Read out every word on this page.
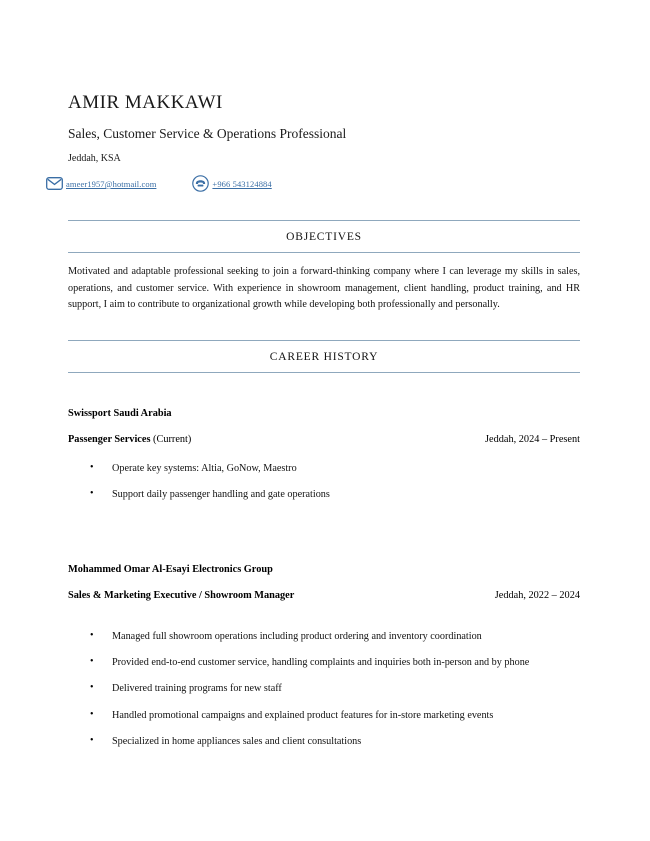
AMIR MAKKAWI
Sales, Customer Service & Operations Professional
Jeddah, KSA
ameer1957@hotmail.com	+966 543124884
OBJECTIVES
Motivated and adaptable professional seeking to join a forward-thinking company where I can leverage my skills in sales, operations, and customer service. With experience in showroom management, client handling, product training, and HR support, I aim to contribute to organizational growth while developing both professionally and personally.
CAREER HISTORY
Swissport Saudi Arabia
Passenger Services (Current)	Jeddah, 2024 – Present
• Operate key systems: Altia, GoNow, Maestro
• Support daily passenger handling and gate operations
Mohammed Omar Al-Esayi Electronics Group
Sales & Marketing Executive / Showroom Manager	Jeddah, 2022 – 2024
• Managed full showroom operations including product ordering and inventory coordination
• Provided end-to-end customer service, handling complaints and inquiries both in-person and by phone
• Delivered training programs for new staff
• Handled promotional campaigns and explained product features for in-store marketing events
• Specialized in home appliances sales and client consultations
